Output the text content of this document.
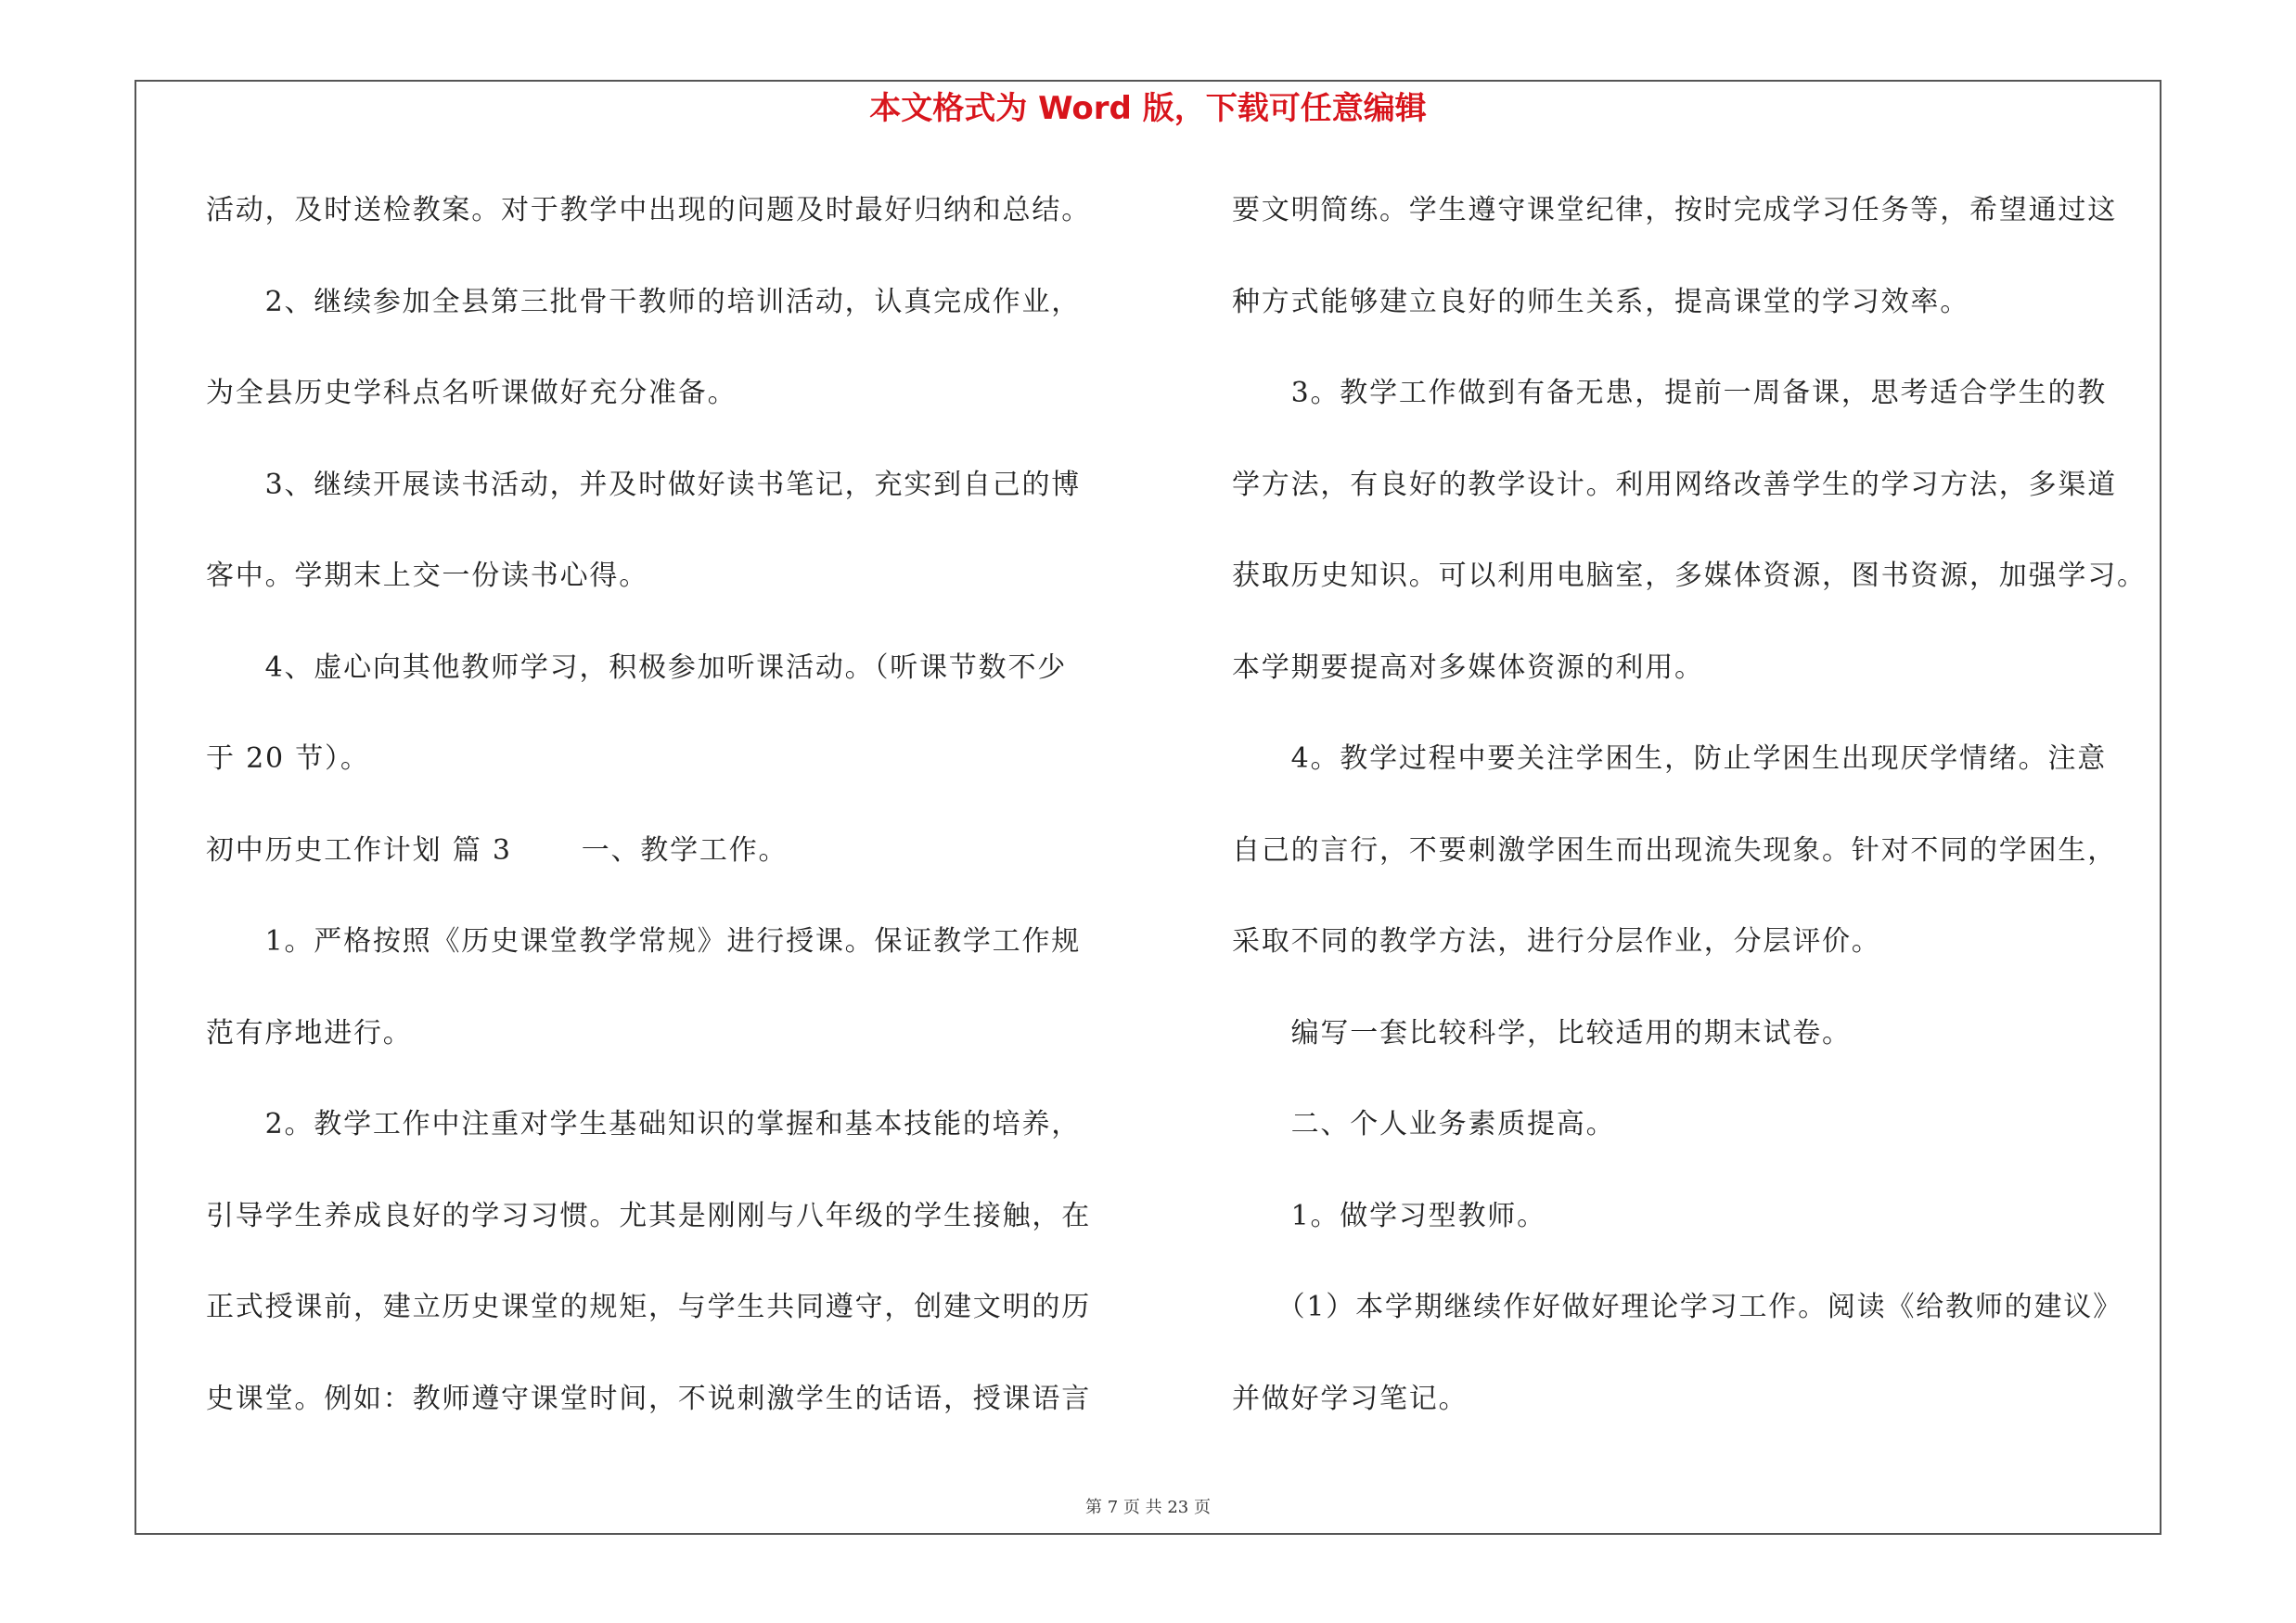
本文格式为 Word 版，下载可任意编辑
活动，及时送检教案。对于教学中出现的问题及时最好归纳和总结。
　　2、继续参加全县第三批骨干教师的培训活动，认真完成作业，
为全县历史学科点名听课做好充分准备。
　　3、继续开展读书活动，并及时做好读书笔记，充实到自己的博
客中。学期末上交一份读书心得。
　　4、虚心向其他教师学习，积极参加听课活动。（听课节数不少
于 20 节）。
初中历史工作计划 篇 3　　 一、教学工作。
　　1。严格按照《历史课堂教学常规》进行授课。保证教学工作规
范有序地进行。
　　2。教学工作中注重对学生基础知识的掌握和基本技能的培养，
引导学生养成良好的学习习惯。尤其是刚刚与八年级的学生接触，在
正式授课前，建立历史课堂的规矩，与学生共同遵守，创建文明的历
史课堂。例如：教师遵守课堂时间，不说刺激学生的话语，授课语言
要文明简练。学生遵守课堂纪律，按时完成学习任务等，希望通过这
种方式能够建立良好的师生关系，提高课堂的学习效率。
　　3。教学工作做到有备无患，提前一周备课，思考适合学生的教
学方法，有良好的教学设计。利用网络改善学生的学习方法，多渠道
获取历史知识。可以利用电脑室，多媒体资源，图书资源，加强学习。
本学期要提高对多媒体资源的利用。
　　4。教学过程中要关注学困生，防止学困生出现厌学情绪。注意
自己的言行，不要刺激学困生而出现流失现象。针对不同的学困生，
采取不同的教学方法，进行分层作业，分层评价。
　　编写一套比较科学，比较适用的期末试卷。
　　二、个人业务素质提高。
　　1。做学习型教师。
　　（1）本学期继续作好做好理论学习工作。阅读《给教师的建议》
并做好学习笔记。
第 7 页 共 23 页
